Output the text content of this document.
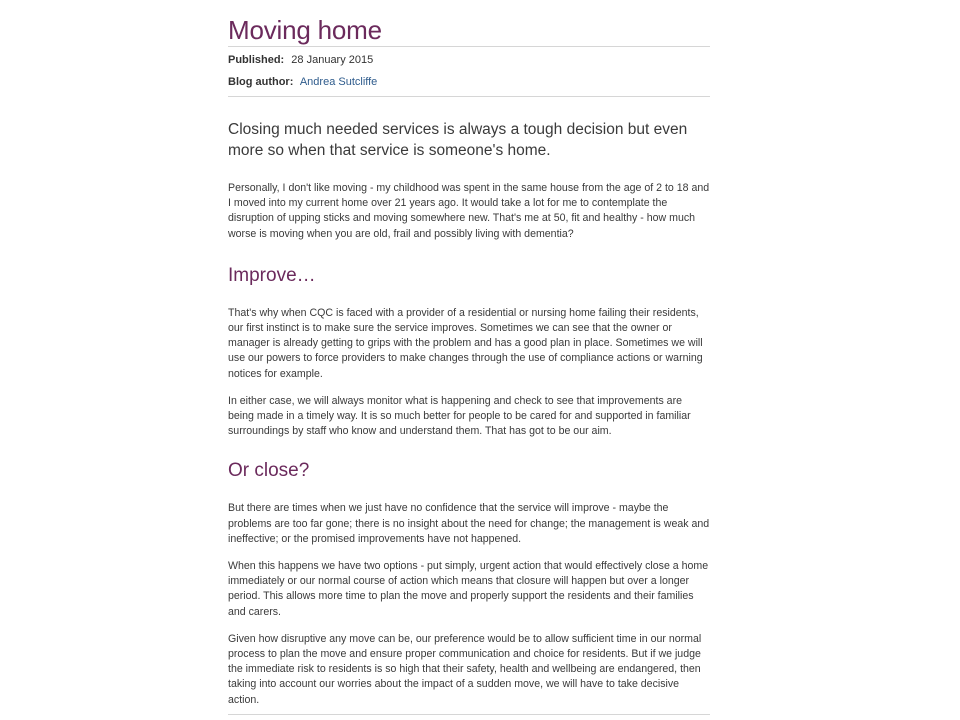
Moving home
Published: 28 January 2015
Blog author: Andrea Sutcliffe

Closing much needed services is always a tough decision but even more so when that service is someone's home.

Personally, I don't like moving - my childhood was spent in the same house from the age of 2 to 18 and I moved into my current home over 21 years ago. It would take a lot for me to contemplate the disruption of upping sticks and moving somewhere new. That's me at 50, fit and healthy - how much worse is moving when you are old, frail and possibly living with dementia?

Improve…

That's why when CQC is faced with a provider of a residential or nursing home failing their residents, our first instinct is to make sure the service improves. Sometimes we can see that the owner or manager is already getting to grips with the problem and has a good plan in place. Sometimes we will use our powers to force providers to make changes through the use of compliance actions or warning notices for example.

In either case, we will always monitor what is happening and check to see that improvements are being made in a timely way. It is so much better for people to be cared for and supported in familiar surroundings by staff who know and understand them. That has got to be our aim.

Or close?

But there are times when we just have no confidence that the service will improve - maybe the problems are too far gone; there is no insight about the need for change; the management is weak and ineffective; or the promised improvements have not happened.

When this happens we have two options - put simply, urgent action that would effectively close a home immediately or our normal course of action which means that closure will happen but over a longer period. This allows more time to plan the move and properly support the residents and their families and carers.

Given how disruptive any move can be, our preference would be to allow sufficient time in our normal process to plan the move and ensure proper communication and choice for residents. But if we judge the immediate risk to residents is so high that their safety, health and wellbeing are endangered, then taking into account our worries about the impact of a sudden move, we will have to take decisive action.
